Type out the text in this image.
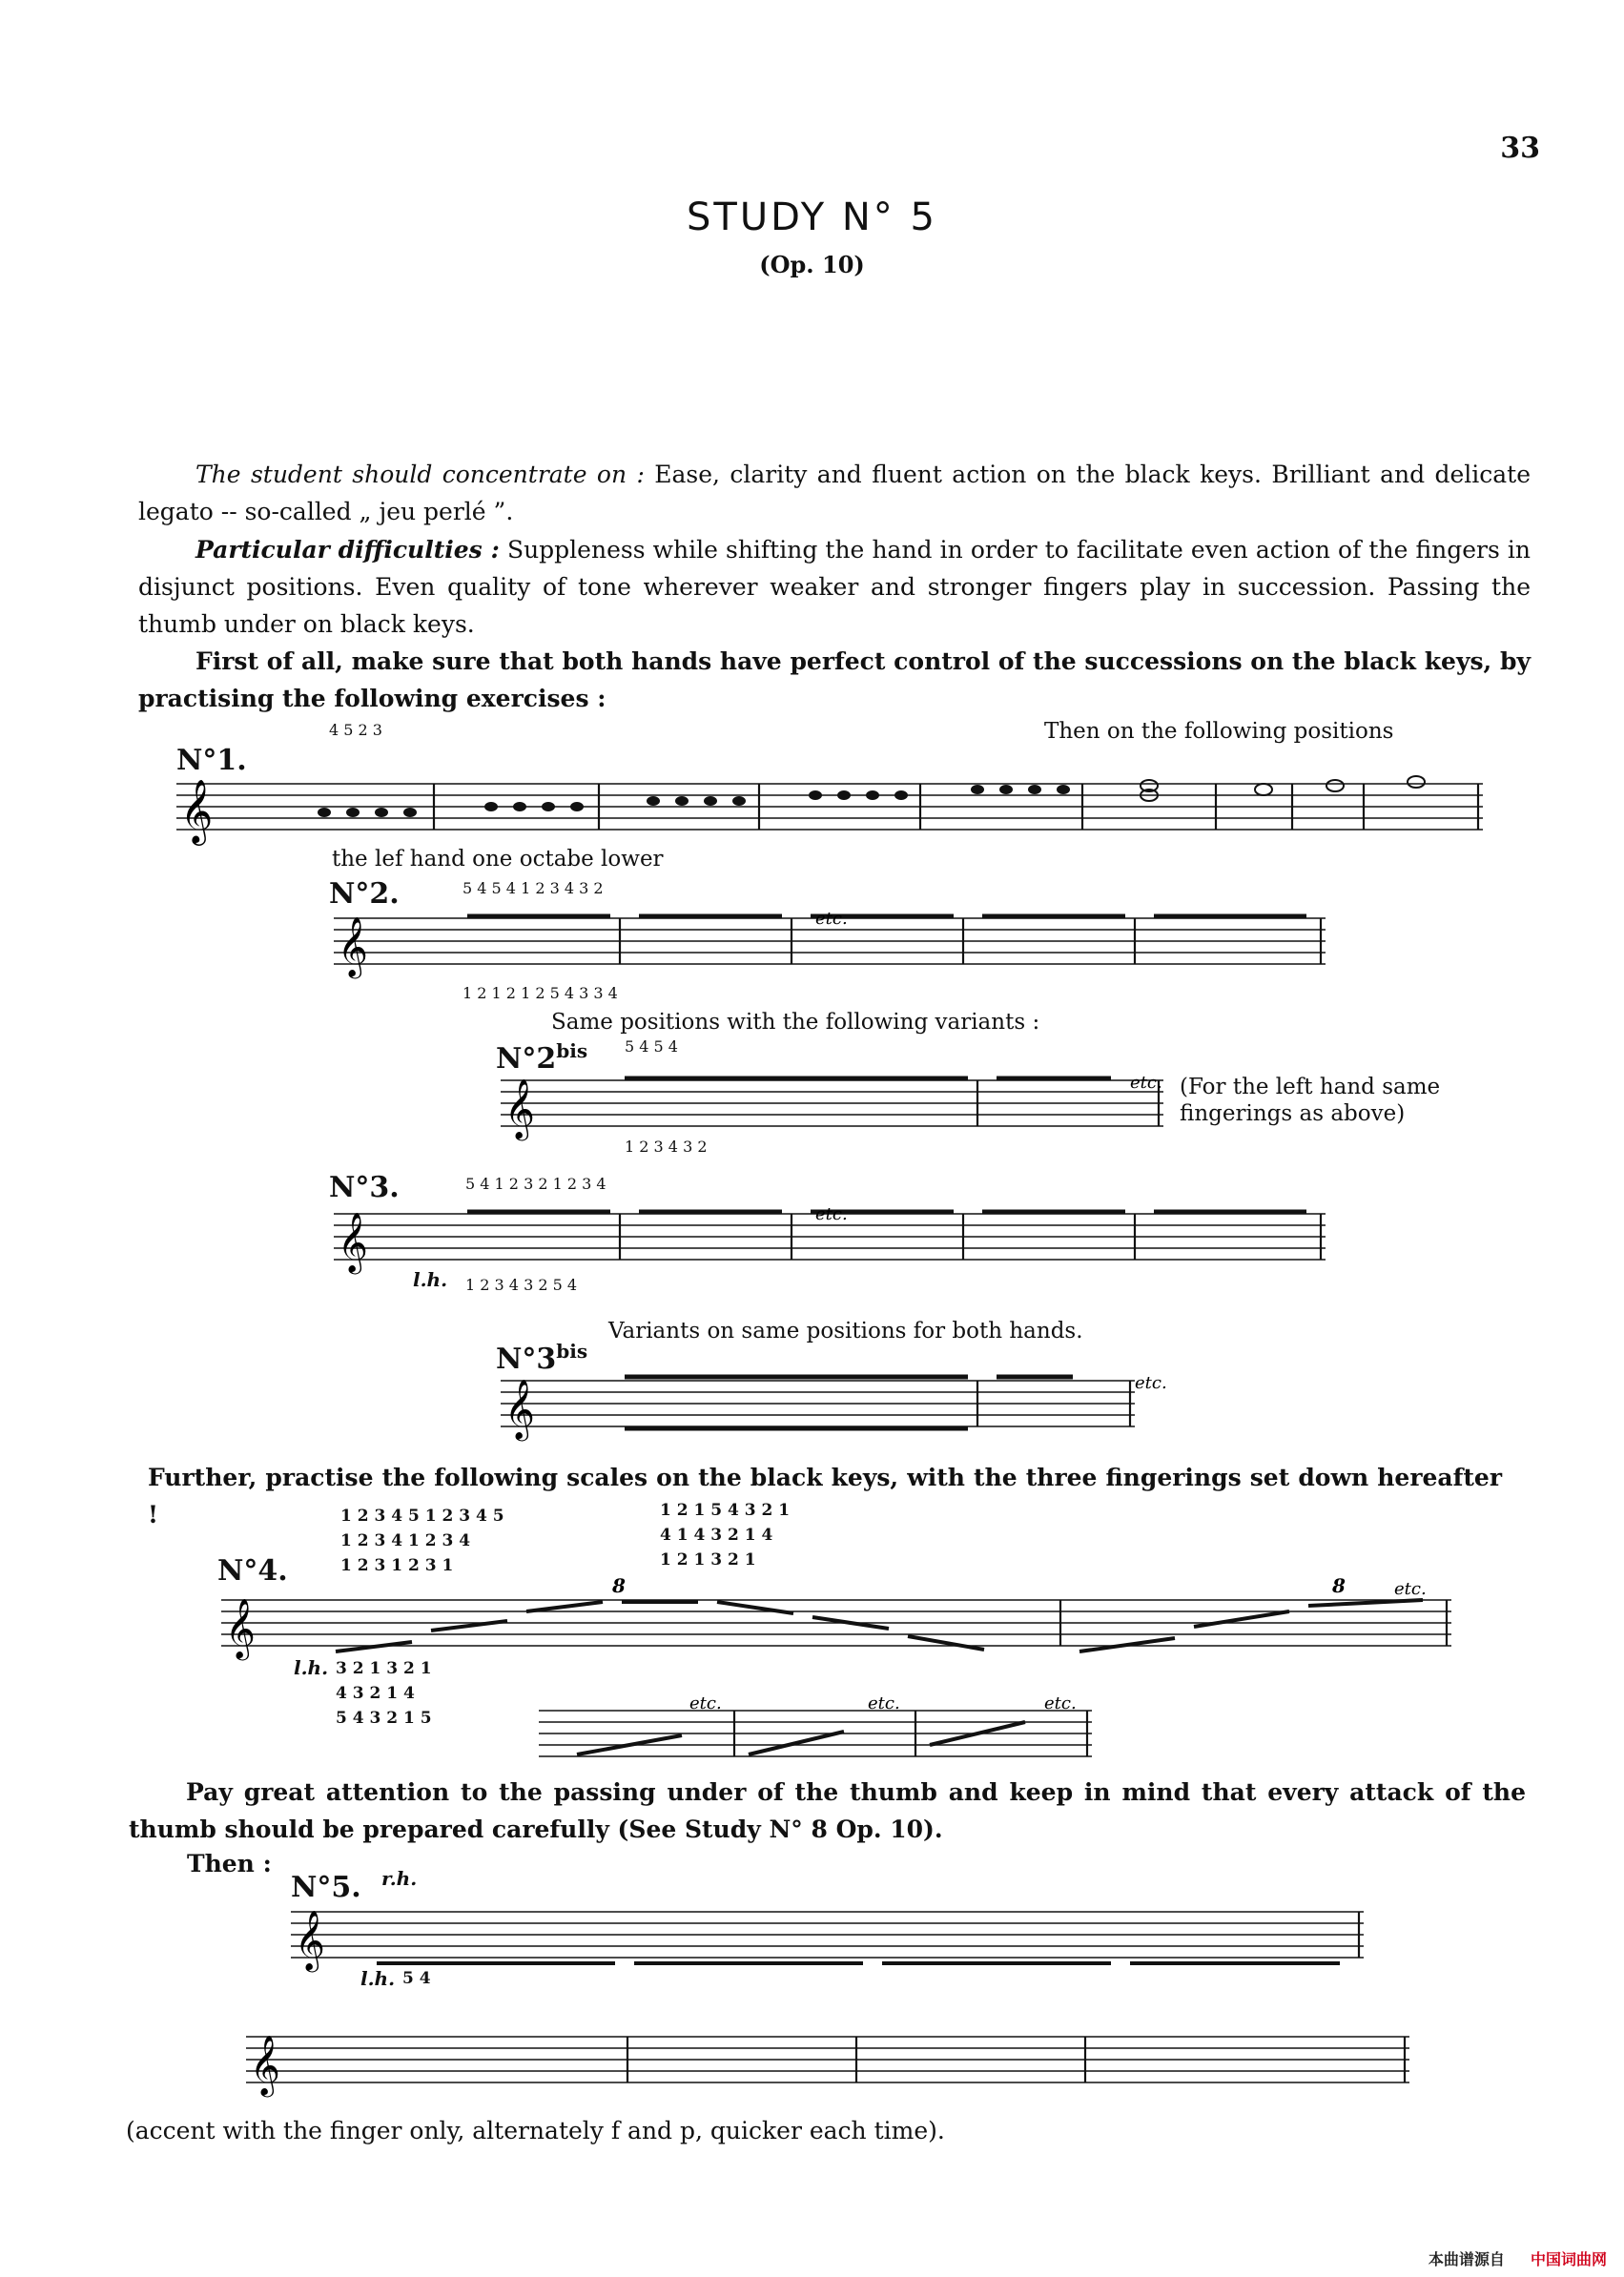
33
STUDY N° 5
(Op. 10)
The student should concentrate on : Ease, clarity and fluent action on the black keys. Brilliant and delicate legato -- so-called „ jeu perlé ”.
Particular difficulties : Suppleness while shifting the hand in order to facilitate even action of the fingers in disjunct positions. Even quality of tone wherever weaker and stronger fingers play in succession. Passing the thumb under on black keys.
First of all, make sure that both hands have perfect control of the successions on the black keys, by practising the following exercises :
Then on the following positions
N°1.
the lef hand one octabe lower
4 5 2 3
𝄞
N°2.	5 4 5 4 1 2 3 4 3 2
1 2 1 2 1 2 5 4 3 3 4
Same positions with the following variants :
𝄞	etc.
$N^\circ 2^{bis}$ 5 4 5 4
1 2 3 4 3 2
(For the left hand same fingerings as above)
𝄞	etc.
N°3.	5 4 1 2 3 2 1 2 3 4
l.h. 1 2 3 4 3 2 5 4
Variants on same positions for both hands.
𝄞	etc.
$N^\circ 3^{bis}$
𝄞	etc.
Further, practise the following scales on the black keys, with the three fingerings set down hereafter !	1 2 3 4 5 1 2 3 4 5
1 2 3 4 1 2 3 4
1 2 3 1 2 3 1
1 2 1 5 4 3 2 1
4 1 4 3 2 1 4
1 2 1 3 2 1
N°4.
𝄞
8	8	etc.
l.h. 3 2 1 3 2 1
4 3 2 1 4
5 4 3 2 1 5
etc.	etc.	etc.
Pay great attention to the passing under of the thumb and keep in mind that every attack of the thumb should be prepared carefully (See Study N° 8 Op. 10).
Then :
N°5. r.h.
𝄞
l.h. 5 4
𝄞
(accent with the finger only, alternately f and p, quicker each time).
本曲谱源自 中国词曲网
